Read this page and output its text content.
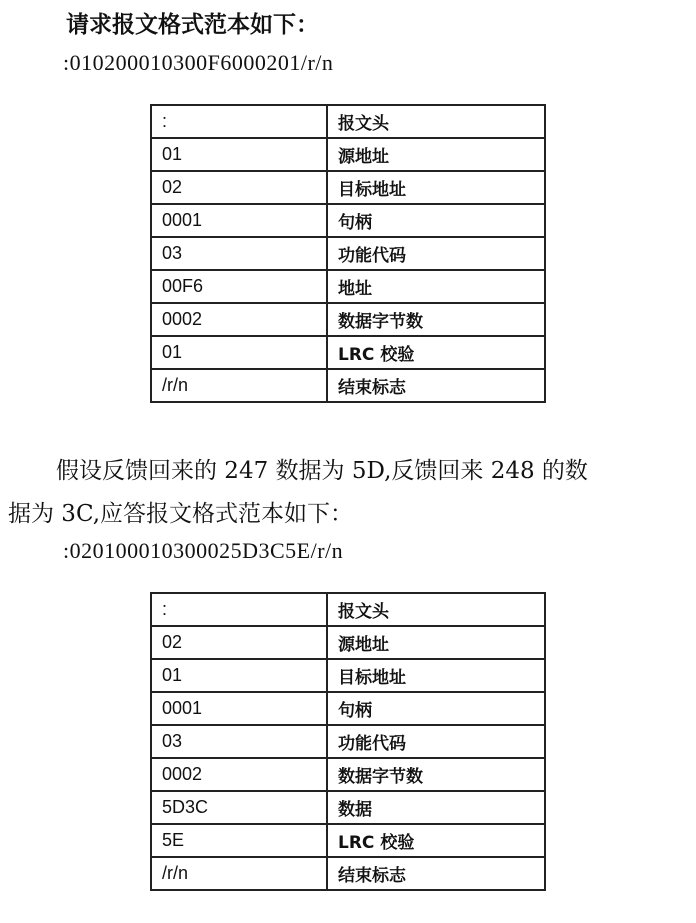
请求报文格式范本如下：
:010200010300F6000201/r/n
:	报文头
01	源地址
02	目标地址
0001	句柄
03	功能代码
00F6	地址
0002	数据字节数
01	LRC 校验
/r/n	结束标志
假设反馈回来的 247 数据为 5D,反馈回来 248 的数
据为 3C,应答报文格式范本如下：
:020100010300025D3C5E/r/n
:	报文头
02	源地址
01	目标地址
0001	句柄
03	功能代码
0002	数据字节数
5D3C	数据
5E	LRC 校验
/r/n	结束标志
